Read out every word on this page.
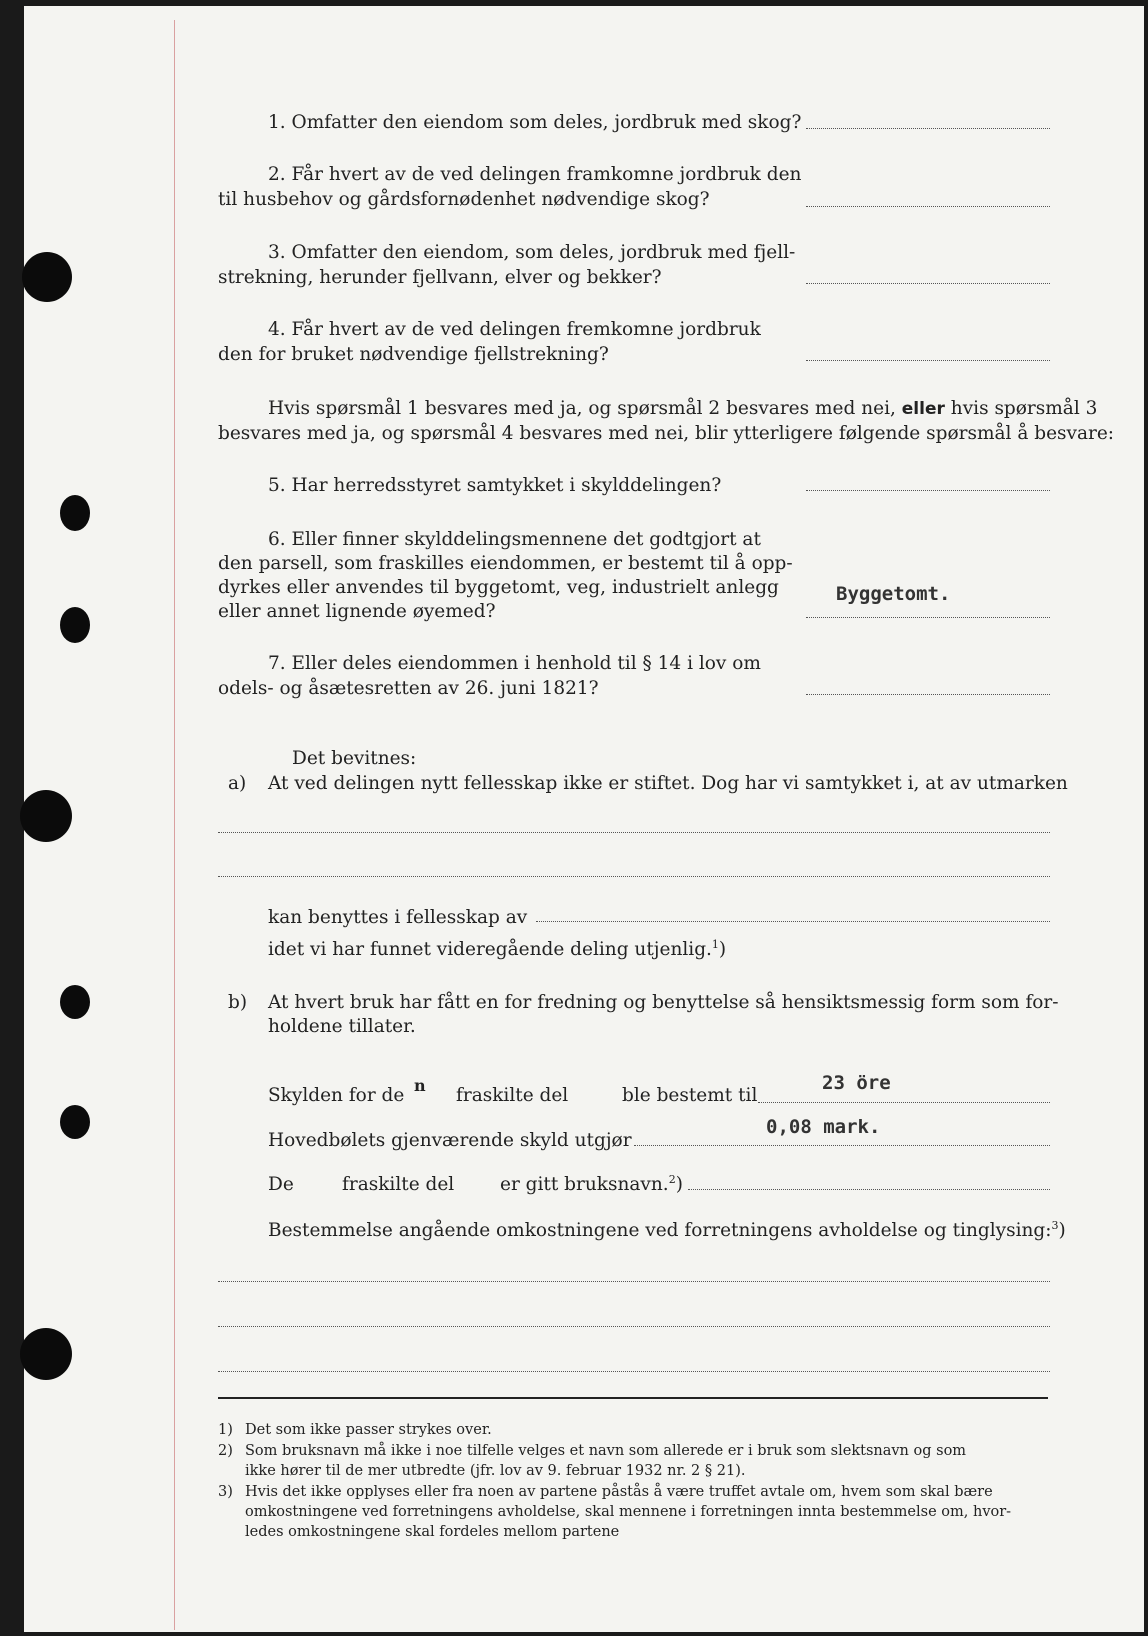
1. Omfatter den eiendom som deles, jordbruk med skog?
2. Får hvert av de ved delingen framkomne jordbruk den
til husbehov og gårdsfornødenhet nødvendige skog?
3. Omfatter den eiendom, som deles, jordbruk med fjell-
strekning, herunder fjellvann, elver og bekker?
4. Får hvert av de ved delingen fremkomne jordbruk
den for bruket nødvendige fjellstrekning?
Hvis spørsmål 1 besvares med ja, og spørsmål 2 besvares med nei, eller hvis spørsmål 3
besvares med ja, og spørsmål 4 besvares med nei, blir ytterligere følgende spørsmål å besvare:
5. Har herredsstyret samtykket i skylddelingen?
6. Eller finner skylddelingsmennene det godtgjort at
den parsell, som fraskilles eiendommen, er bestemt til å opp-
dyrkes eller anvendes til byggetomt, veg, industrielt anlegg
eller annet lignende øyemed?
Byggetomt.
7. Eller deles eiendommen i henhold til § 14 i lov om
odels- og åsætesretten av 26. juni 1821?
Det bevitnes:
a) At ved delingen nytt fellesskap ikke er stiftet. Dog har vi samtykket i, at av utmarken
kan benyttes i fellesskap av
idet vi har funnet videregående deling utjenlig.$^1$)
b) At hvert bruk har fått en for fredning og benyttelse så hensiktsmessig form som for-
holdene tillater.
Skylden for de n fraskilte del	ble bestemt til
23 öre
Hovedbølets gjenværende skyld utgjør
0,08 mark.
De	fraskilte del er gitt bruksnavn.$^2$)
Bestemmelse angående omkostningene ved forretningens avholdelse og tinglysing:$^3$)
1) Det som ikke passer strykes over.
2) Som bruksnavn må ikke i noe tilfelle velges et navn som allerede er i bruk som slektsnavn og som
ikke hører til de mer utbredte (jfr. lov av 9. februar 1932 nr. 2 § 21).
3) Hvis det ikke opplyses eller fra noen av partene påstås å være truffet avtale om, hvem som skal bære
omkostningene ved forretningens avholdelse, skal mennene i forretningen innta bestemmelse om, hvor-
ledes omkostningene skal fordeles mellom partene
